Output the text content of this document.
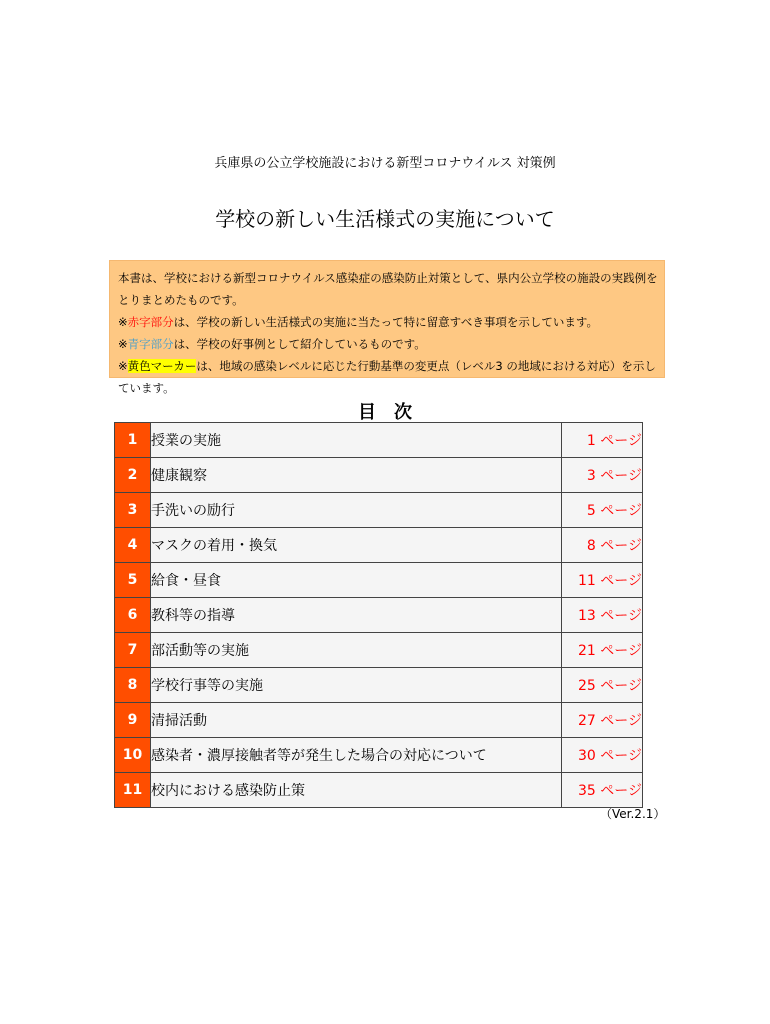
兵庫県の公立学校施設における新型コロナウイルス 対策例
学校の新しい生活様式の実施について

本書は、学校における新型コロナウイルス感染症の感染防止対策として、県内公立学校の施設の実践例をとりまとめたものです。

※赤字部分は、学校の新しい生活様式の実施に当たって特に留意すべき事項を示しています。

※青字部分は、学校の好事例として紹介しているものです。

※黄色マーカーは、地域の感染レベルに応じた行動基準の変更点（レベル3 の地域における対応）を示しています。

目　次
1	授業の実施	1 ページ
2	健康観察	3 ページ
3	手洗いの励行	5 ページ
4	マスクの着用・換気	8 ページ
5	給食・昼食	11 ページ
6	教科等の指導	13 ページ
7	部活動等の実施	21 ページ
8	学校行事等の実施	25 ページ
9	清掃活動	27 ページ
10	感染者・濃厚接触者等が発生した場合の対応について	30 ページ
11	校内における感染防止策	35 ページ
（Ver.2.1）
